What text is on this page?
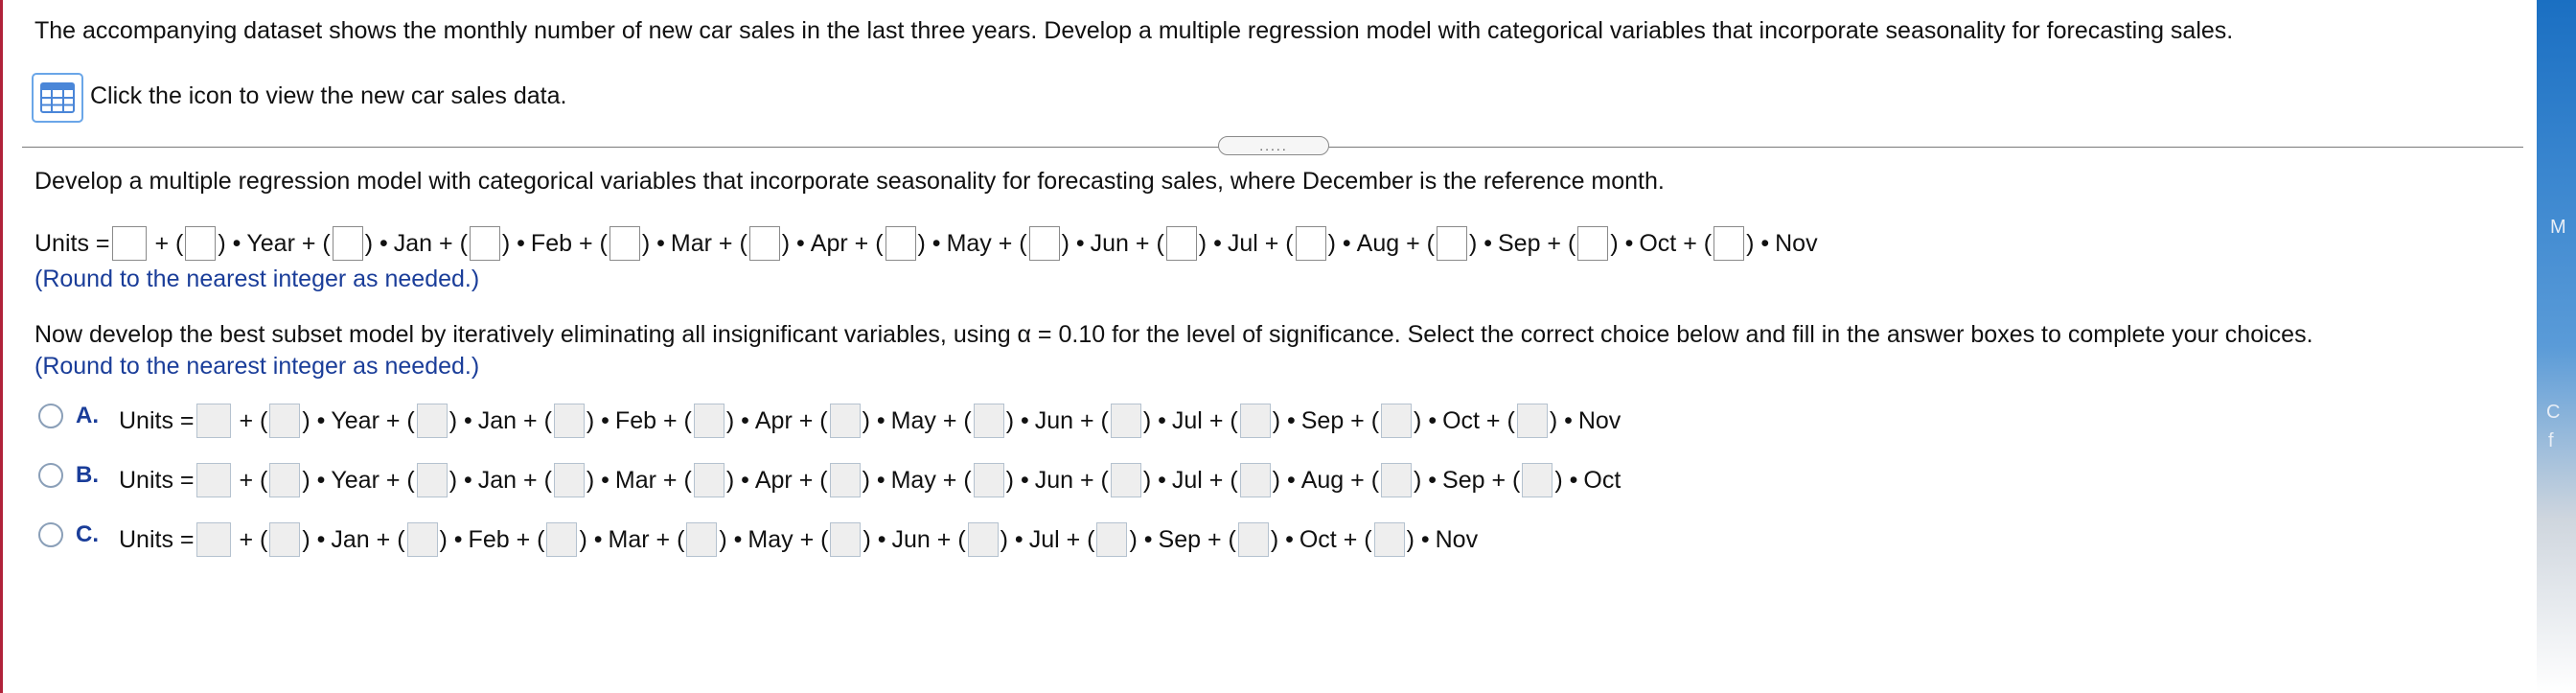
The accompanying dataset shows the monthly number of new car sales in the last three years. Develop a multiple regression model with categorical variables that incorporate seasonality for forecasting sales.
Click the icon to view the new car sales data.
.....
Develop a multiple regression model with categorical variables that incorporate seasonality for forecasting sales, where December is the reference month.
Units = + ( ) • Year + ( ) • Jan + ( ) • Feb + ( ) • Mar + ( ) • Apr + ( ) • May + ( ) • Jun + ( ) • Jul + ( ) • Aug + ( ) • Sep + ( ) • Oct + ( ) • Nov
(Round to the nearest integer as needed.)
Now develop the best subset model by iteratively eliminating all insignificant variables, using α = 0.10 for the level of significance. Select the correct choice below and fill in the answer boxes to complete your choices.
(Round to the nearest integer as needed.)
A. Units = + ( ) • Year + ( ) • Jan + ( ) • Feb + ( ) • Apr + ( ) • May + ( ) • Jun + ( ) • Jul + ( ) • Sep + ( ) • Oct + ( ) • Nov
B. Units = + ( ) • Year + ( ) • Jan + ( ) • Mar + ( ) • Apr + ( ) • May + ( ) • Jun + ( ) • Jul + ( ) • Aug + ( ) • Sep + ( ) • Oct
C. Units = + ( ) • Jan + ( ) • Feb + ( ) • Mar + ( ) • May + ( ) • Jun + ( ) • Jul + ( ) • Sep + ( ) • Oct + ( ) • Nov
M
C
f
